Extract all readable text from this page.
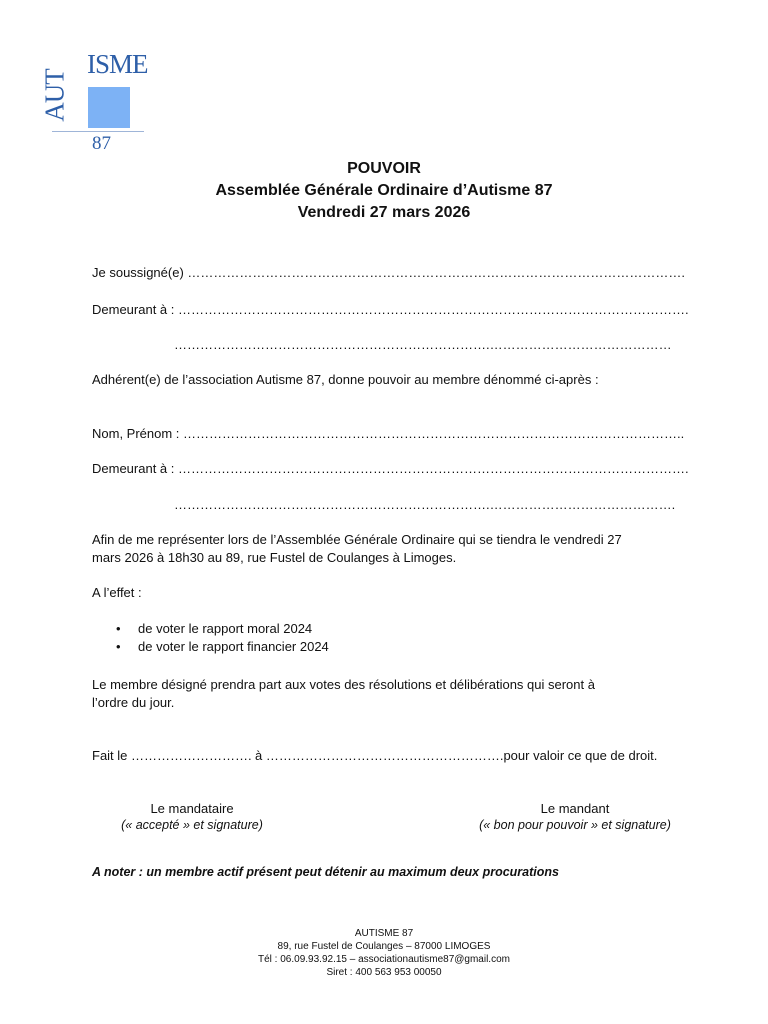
ISME
AUT
87
POUVOIR
Assemblée Générale Ordinaire d’Autisme 87
Vendredi 27 mars 2026
Je soussigné(e) …………………………………………………………………………………………………….
Demeurant à : ……………………………………………………………………………………………………….
……………………………………………………………….……………………………………
Adhérent(e) de l’association Autisme 87, donne pouvoir au membre dénommé ci-après :
Nom, Prénom : ……………………………………………………………………………………………………..
Demeurant à : ……………………………………………………………………………………………………….
……………………………………………………………….…………………………………….
Afin de me représenter lors de l’Assemblée Générale Ordinaire qui se tiendra le vendredi 27
mars 2026 à 18h30 au 89, rue Fustel de Coulanges à Limoges.
A l’effet :
• de voter le rapport moral 2024
• de voter le rapport financier 2024
Le membre désigné prendra part aux votes des résolutions et délibérations qui seront à
l’ordre du jour.
Fait le ………………………. à ……………………………………………….pour valoir ce que de droit.
Le mandataire
(« accepté » et signature)
Le mandant
(« bon pour pouvoir » et signature)
A noter : un membre actif présent peut détenir au maximum deux procurations
AUTISME 87
89, rue Fustel de Coulanges – 87000 LIMOGES
Tél : 06.09.93.92.15 – associationautisme87@gmail.com
Siret : 400 563 953 00050
